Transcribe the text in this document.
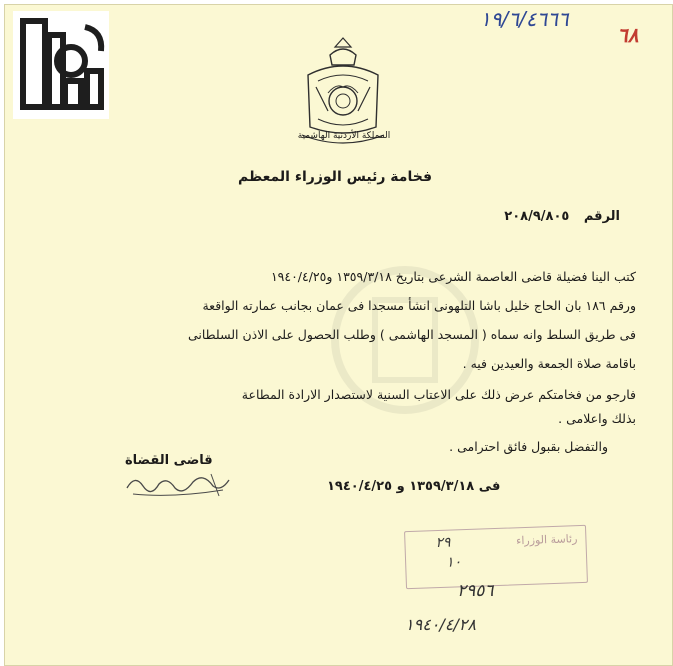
١٩/٦/٤٦٦٦
٦٨
المملكة الأردنية الهاشمية
فخامة رئيس الوزراء المعظم
الرقم ٢٠٨/٩/٨٠٥
كتب الينا فضيلة قاضى العاصمة الشرعى بتاريخ ١٣٥٩/٣/١٨ و١٩٤٠/٤/٢٥
ورقم ١٨٦ بان الحاج خليل باشا التلهونى انشأ مسجدا فى عمان بجانب عمارته الواقعة
فى طريق السلط وانه سماه ( المسجد الهاشمى ) وطلب الحصول على الاذن السلطانى
باقامة صلاة الجمعة والعيدين فيه .
فارجو من فخامتكم عرض ذلك على الاعتاب السنية لاستصدار الارادة المطاعة
بذلك واعلامى .
والتفضل بقبول فائق احترامى .
قاضى القضاة
فى ١٣٥٩/٣/١٨ و ١٩٤٠/٤/٢٥
رئاسة الوزراء
٢٩
١٠
٢٩٥٦
١٩٤٠/٤/٢٨
